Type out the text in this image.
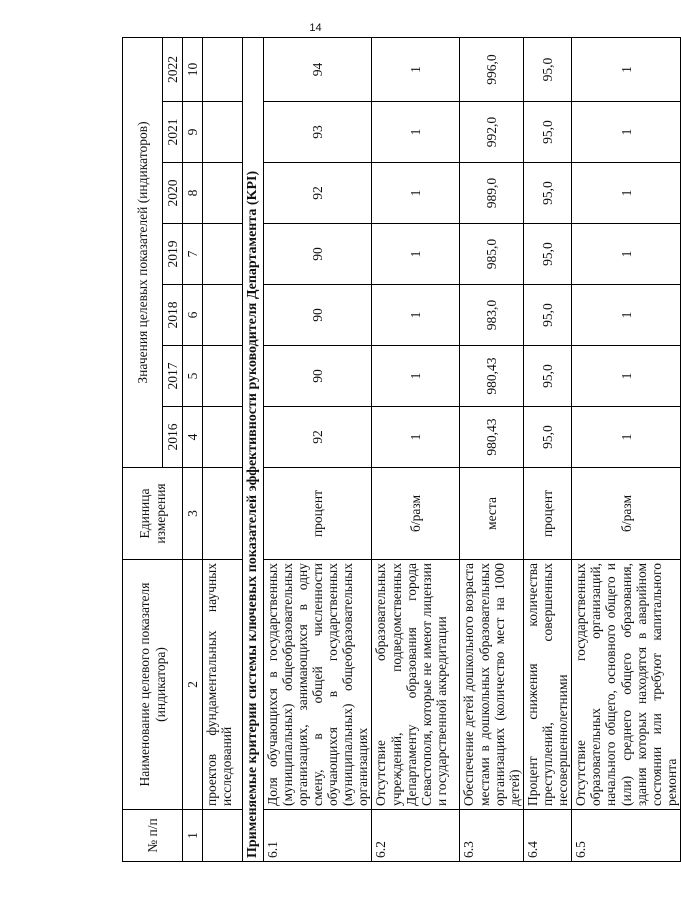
14
№ п/п	Наименование целевого показателя (индикатора)	Единица измерения	Значения целевых показателей (индикаторов)						
			2016	2017	2018	2019	2020	2021	2022
1	2	3	4	5	6	7	8	9	10
	проектов фундаментальных научных исследований								
Применяемые критерии системы ключевых показателей эффективности руководителя Департамента (KPI)									
6.1	Доля обучающихся в государственных (муниципальных) общеобразовательных организациях, занимающихся в одну смену, в общей численности обучающихся в государственных (муниципальных) общеобразовательных организациях	процент	92	90	90	90	92	93	94
6.2	Отсутствие образовательных учреждений, подведомственных Департаменту образования города Севастополя, которые не имеют лицензии и государственной аккредитации	б/разм	1	1	1	1	1	1	1
6.3	Обеспечение детей дошкольного возраста местами в дошкольных образовательных организациях (количество мест на 1000 детей)	места	980,43	980,43	983,0	985,0	989,0	992,0	996,0
6.4	Процент снижения количества преступлений, совершенных несовершеннолетними	процент	95,0	95,0	95,0	95,0	95,0	95,0	95,0
6.5	Отсутствие государственных образовательных организаций, начального общего, основного общего и (или) среднего общего образования, здания которых находятся в аварийном состоянии или требуют капитального ремонта	б/разм	1	1	1	1	1	1	1
